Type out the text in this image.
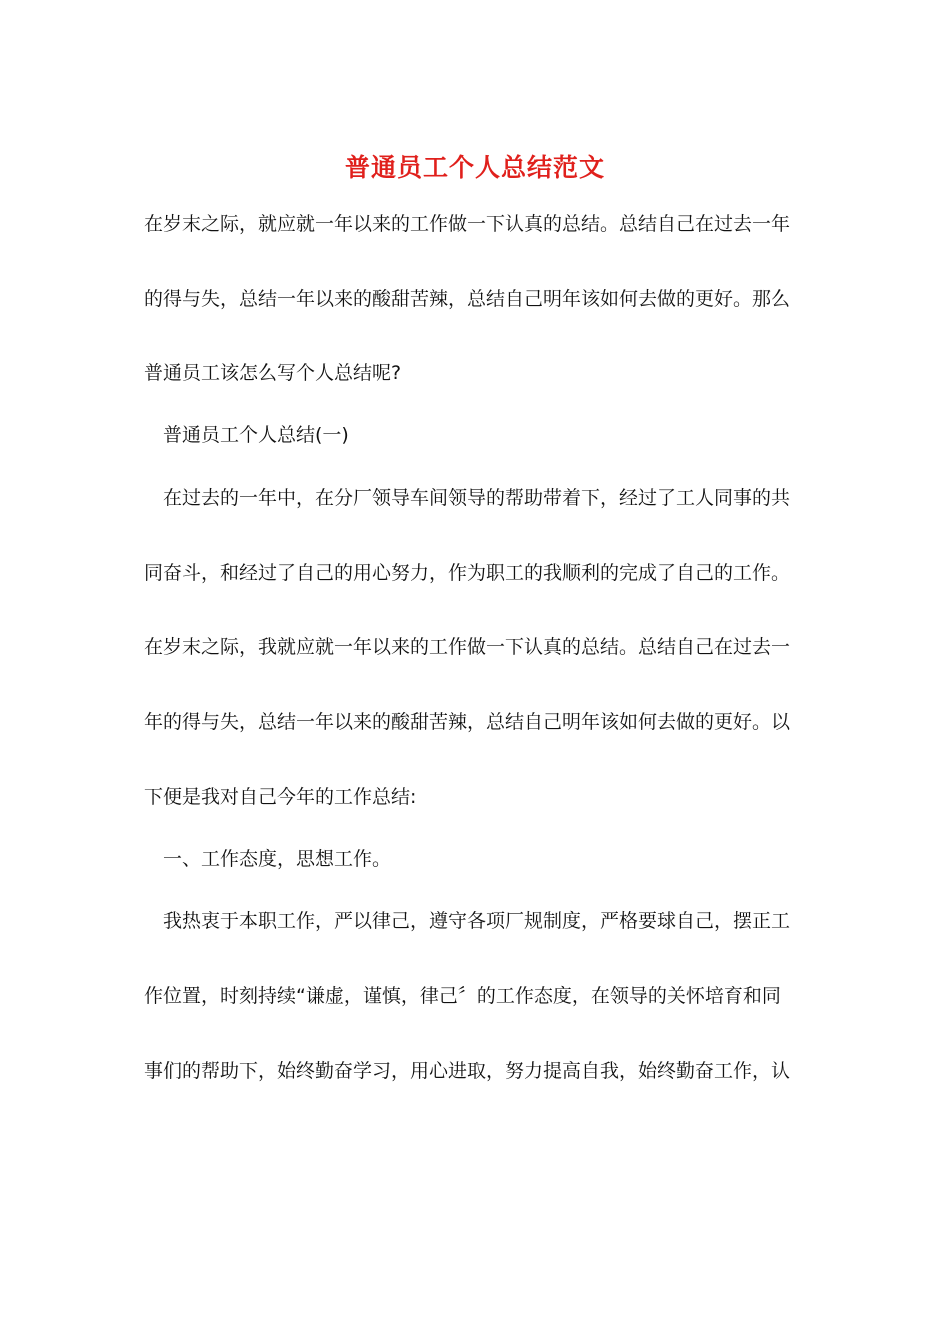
普通员工个人总结范文
在岁末之际，就应就一年以来的工作做一下认真的总结。总结自己在过去一年
的得与失，总结一年以来的酸甜苦辣，总结自己明年该如何去做的更好。那么
普通员工该怎么写个人总结呢?
普通员工个人总结(一)
在过去的一年中，在分厂领导车间领导的帮助带着下，经过了工人同事的共
同奋斗，和经过了自己的用心努力，作为职工的我顺利的完成了自己的工作。
在岁末之际，我就应就一年以来的工作做一下认真的总结。总结自己在过去一
年的得与失，总结一年以来的酸甜苦辣，总结自己明年该如何去做的更好。以
下便是我对自己今年的工作总结:
一、工作态度，思想工作。
我热衷于本职工作，严以律己，遵守各项厂规制度，严格要球自己，摆正工
作位置，时刻持续“谦虚，谨慎，律己〞的工作态度，在领导的关怀培育和同
事们的帮助下，始终勤奋学习，用心进取，努力提高自我，始终勤奋工作，认
